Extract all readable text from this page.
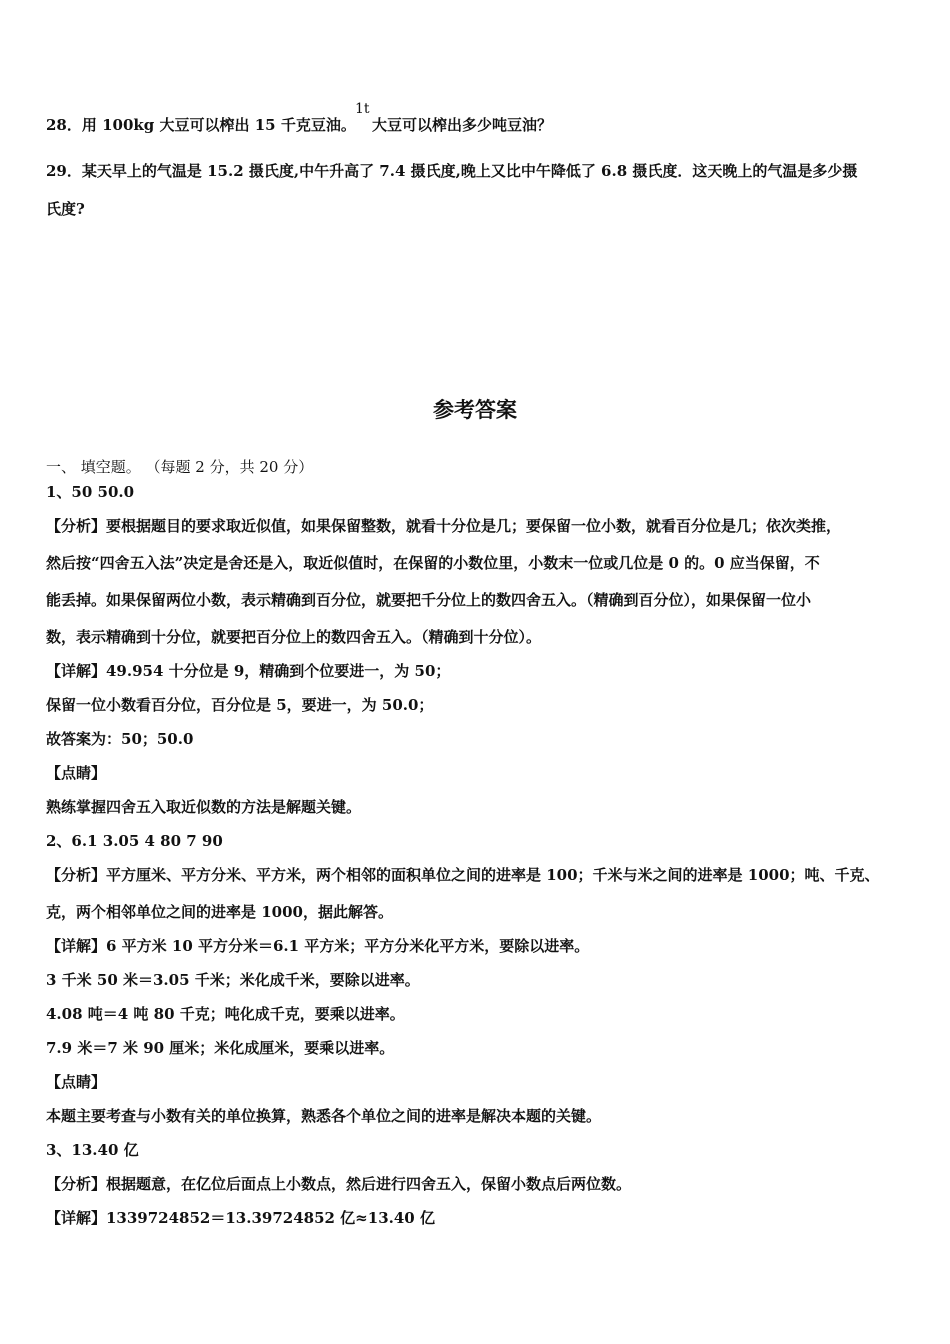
28．用 100kg 大豆可以榨出 15 千克豆油。
1t
大豆可以榨出多少吨豆油？
29．某天早上的气温是 15.2 摄氏度,中午升高了 7.4 摄氏度,晚上又比中午降低了 6.8 摄氏度．这天晚上的气温是多少摄
氏度?
参考答案
一、 填空题。 （每题 2 分，共 20 分）
1、50 50.0
【分析】要根据题目的要求取近似值，如果保留整数，就看十分位是几；要保留一位小数，就看百分位是几；依次类推，
然后按“四舍五入法”决定是舍还是入，取近似值时，在保留的小数位里，小数末一位或几位是 0 的。0 应当保留，不
能丢掉。如果保留两位小数，表示精确到百分位，就要把千分位上的数四舍五入。（精确到百分位），如果保留一位小
数，表示精确到十分位，就要把百分位上的数四舍五入。（精确到十分位）。
【详解】49.954 十分位是 9，精确到个位要进一，为 50；
保留一位小数看百分位，百分位是 5，要进一，为 50.0；
故答案为：50；50.0
【点睛】
熟练掌握四舍五入取近似数的方法是解题关键。
2、6.1 3.05 4 80 7 90
【分析】平方厘米、平方分米、平方米，两个相邻的面积单位之间的进率是 100；千米与米之间的进率是 1000；吨、千克、
克，两个相邻单位之间的进率是 1000，据此解答。
【详解】6 平方米 10 平方分米＝6.1 平方米；平方分米化平方米，要除以进率。
3 千米 50 米＝3.05 千米；米化成千米，要除以进率。
4.08 吨＝4 吨 80 千克；吨化成千克，要乘以进率。
7.9 米＝7 米 90 厘米；米化成厘米，要乘以进率。
【点睛】
本题主要考查与小数有关的单位换算，熟悉各个单位之间的进率是解决本题的关键。
3、13.40 亿
【分析】根据题意，在亿位后面点上小数点，然后进行四舍五入，保留小数点后两位数。
【详解】1339724852＝13.39724852 亿≈13.40 亿
